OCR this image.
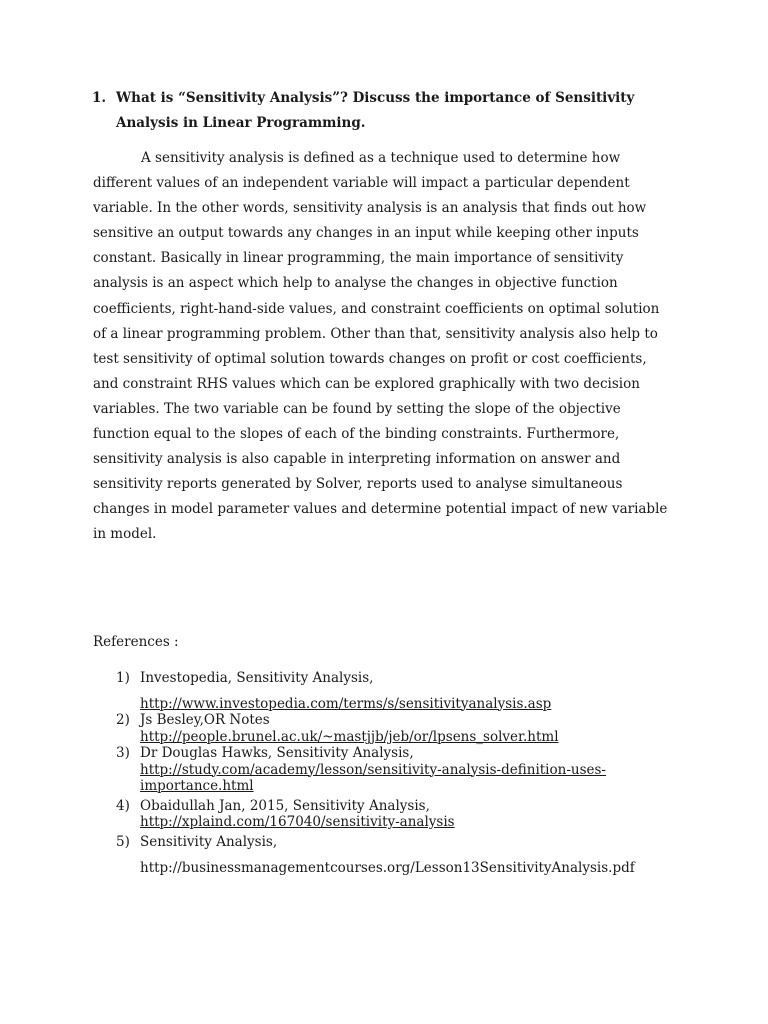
1. What is “Sensitivity Analysis”? Discuss the importance of Sensitivity Analysis in Linear Programming.

A sensitivity analysis is defined as a technique used to determine how different values of an independent variable will impact a particular dependent variable. In the other words, sensitivity analysis is an analysis that finds out how sensitive an output towards any changes in an input while keeping other inputs constant. Basically in linear programming, the main importance of sensitivity analysis is an aspect which help to analyse the changes in objective function coefficients, right-hand-side values, and constraint coefficients on optimal solution of a linear programming problem. Other than that, sensitivity analysis also help to test sensitivity of optimal solution towards changes on profit or cost coefficients, and constraint RHS values which can be explored graphically with two decision variables. The two variable can be found by setting the slope of the objective function equal to the slopes of each of the binding constraints. Furthermore, sensitivity analysis is also capable in interpreting information on answer and sensitivity reports generated by Solver, reports used to analyse simultaneous changes in model parameter values and determine potential impact of new variable in model.

References :
1) Investopedia, Sensitivity Analysis,
http://www.investopedia.com/terms/s/sensitivityanalysis.asp
2) Js Besley,OR Notes http://people.brunel.ac.uk/~mastjjb/jeb/or/lpsens_solver.html
3) Dr Douglas Hawks, Sensitivity Analysis, http://study.com/academy/lesson/sensitivity-analysis-definition-uses-importance.html
4) Obaidullah Jan, 2015, Sensitivity Analysis, http://xplaind.com/167040/sensitivity-analysis
5) Sensitivity Analysis,
http://businessmanagementcourses.org/Lesson13SensitivityAnalysis.pdf
